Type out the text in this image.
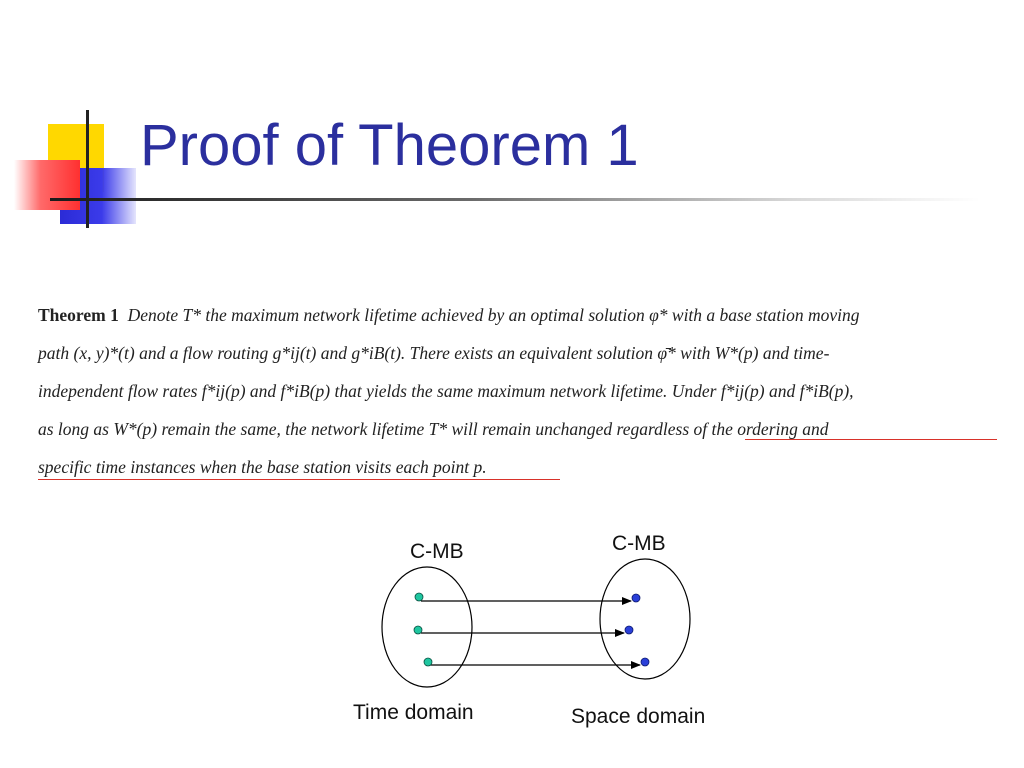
Proof of Theorem 1
Theorem 1 Denote T* the maximum network lifetime achieved by an optimal solution φ* with a base station moving
path (x, y)*(t) and a flow routing g*ij(t) and g*iB(t). There exists an equivalent solution φ̄* with W*(p) and time-
independent flow rates f*ij(p) and f*iB(p) that yields the same maximum network lifetime. Under f*ij(p) and f*iB(p),
as long as W*(p) remain the same, the network lifetime T* will remain unchanged regardless of the ordering and
specific time instances when the base station visits each point p.
C-MB	C-MB
Time domain	Space domain
